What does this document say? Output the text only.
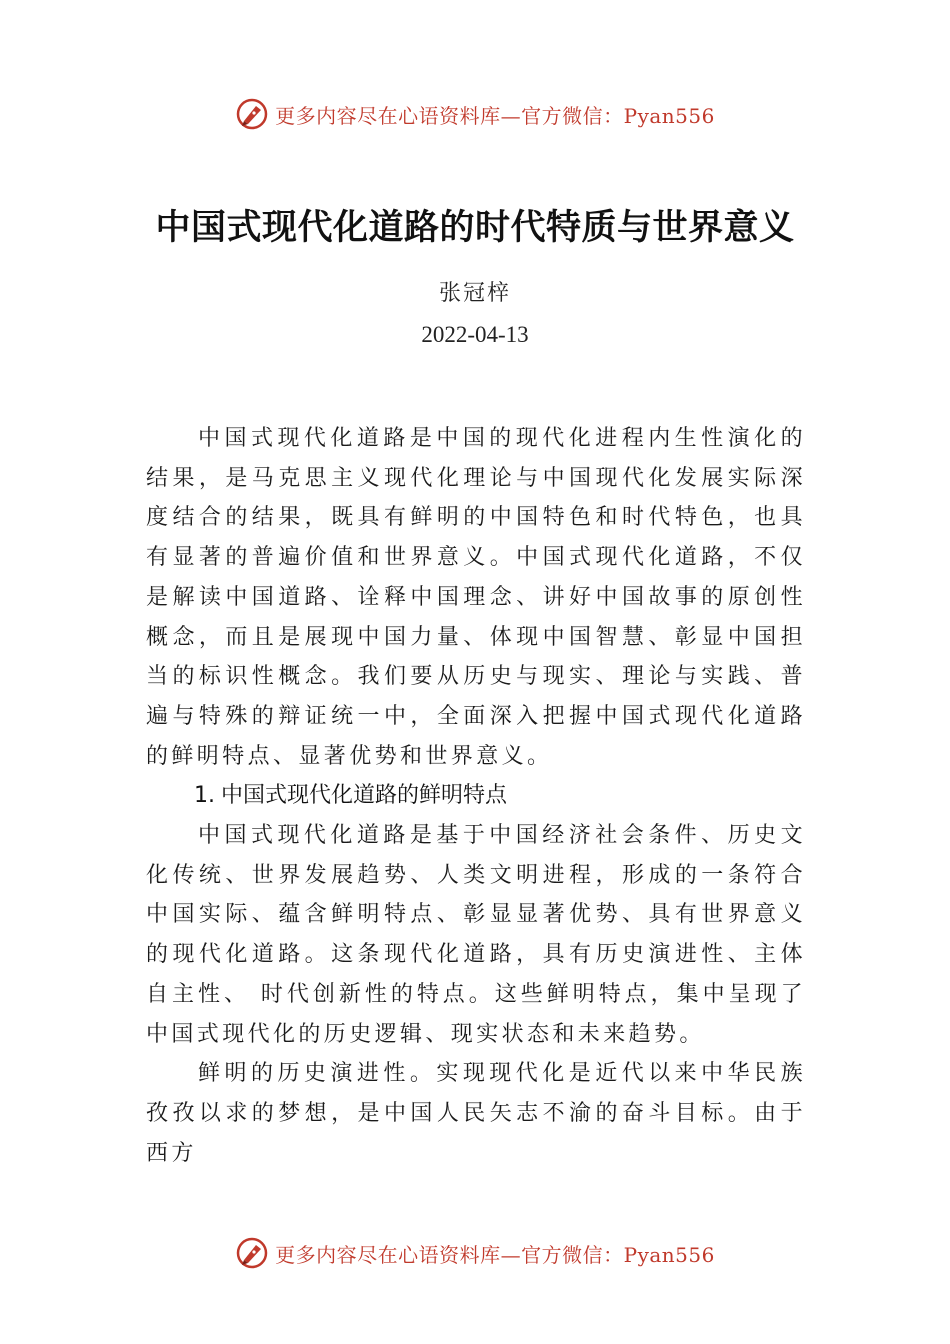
更多内容尽在心语资料库—官方微信：Pyan556
中国式现代化道路的时代特质与世界意义

张冠梓

2022-04-13

中国式现代化道路是中国的现代化进程内生性演化的结果，是马克思主义现代化理论与中国现代化发展实际深度结合的结果，既具有鲜明的中国特色和时代特色，也具有显著的普遍价值和世界意义。中国式现代化道路，不仅是解读中国道路、诠释中国理念、讲好中国故事的原创性概念，而且是展现中国力量、体现中国智慧、彰显中国担当的标识性概念。我们要从历史与现实、理论与实践、普遍与特殊的辩证统一中，全面深入把握中国式现代化道路的鲜明特点、显著优势和世界意义。

1. 中国式现代化道路的鲜明特点

中国式现代化道路是基于中国经济社会条件、历史文化传统、世界发展趋势、人类文明进程，形成的一条符合中国实际、蕴含鲜明特点、彰显显著优势、具有世界意义的现代化道路。这条现代化道路，具有历史演进性、主体自主性、 时代创新性的特点。这些鲜明特点，集中呈现了中国式现代化的历史逻辑、现实状态和未来趋势。

鲜明的历史演进性。实现现代化是近代以来中华民族孜孜以求的梦想，是中国人民矢志不渝的奋斗目标。由于西方

更多内容尽在心语资料库—官方微信：Pyan556
